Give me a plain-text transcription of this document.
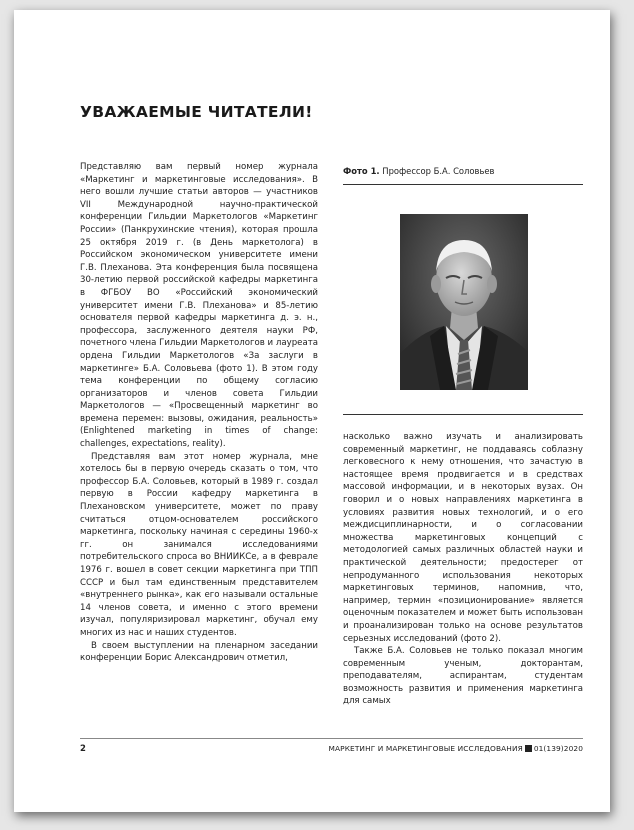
УВАЖАЕМЫЕ ЧИТАТЕЛИ!

Представляю вам первый номер журнала «Маркетинг и маркетинговые исследования». В него вошли лучшие статьи авторов — участников VII Международной научно-практической конференции Гильдии Маркетологов «Маркетинг России» (Панкрухинские чтения), которая прошла 25 октября 2019 г. (в День маркетолога) в Российском экономическом университете имени Г.В. Плеханова. Эта конференция была посвящена 30-летию первой российской кафедры маркетинга в ФГБОУ ВО «Российский экономический университет имени Г.В. Плеханова» и 85-летию основателя первой кафедры маркетинга д. э. н., профессора, заслуженного деятеля науки РФ, почетного члена Гильдии Маркетологов и лауреата ордена Гильдии Маркетологов «За заслуги в маркетинге» Б.А. Соловьева (фото 1). В этом году тема конференции по общему согласию организаторов и членов совета Гильдии Маркетологов — «Просвещенный маркетинг во времена перемен: вызовы, ожидания, реальность» (Enlightened marketing in times of change: challenges, expectations, reality).

Представляя вам этот номер журнала, мне хотелось бы в первую очередь сказать о том, что профессор Б.А. Соловьев, который в 1989 г. создал первую в России кафедру маркетинга в Плехановском университете, может по праву считаться отцом-основателем российского маркетинга, поскольку начиная с середины 1960-х гг. он занимался исследованиями потребительского спроса во ВНИИКСе, а в феврале 1976 г. вошел в совет секции маркетинга при ТПП СССР и был там единственным представителем «внутреннего рынка», как его называли остальные 14 членов совета, и именно с этого времени изучал, популяризировал маркетинг, обучал ему многих из нас и наших студентов.

В своем выступлении на пленарном заседании конференции Борис Александрович отметил,

Фото 1. Профессор Б.А. Соловьев

насколько важно изучать и анализировать современный маркетинг, не поддаваясь соблазну легковесного к нему отношения, что зачастую в настоящее время продвигается и в средствах массовой информации, и в некоторых вузах. Он говорил и о новых направлениях маркетинга в условиях развития новых технологий, и о его междисциплинарности, и о согласовании множества маркетинговых концепций с методологией самых различных областей науки и практической деятельности; предостерег от непродуманного использования некоторых маркетинговых терминов, напомнив, что, например, термин «позиционирование» является оценочным показателем и может быть использован и проанализирован только на основе результатов серьезных исследований (фото 2).

Также Б.А. Соловьев не только показал многим современным ученым, докторантам, преподавателям, аспирантам, студентам возможность развития и применения маркетинга для самых

2	МАРКЕТИНГ И МАРКЕТИНГОВЫЕ ИССЛЕДОВАНИЯ 01(139)2020
